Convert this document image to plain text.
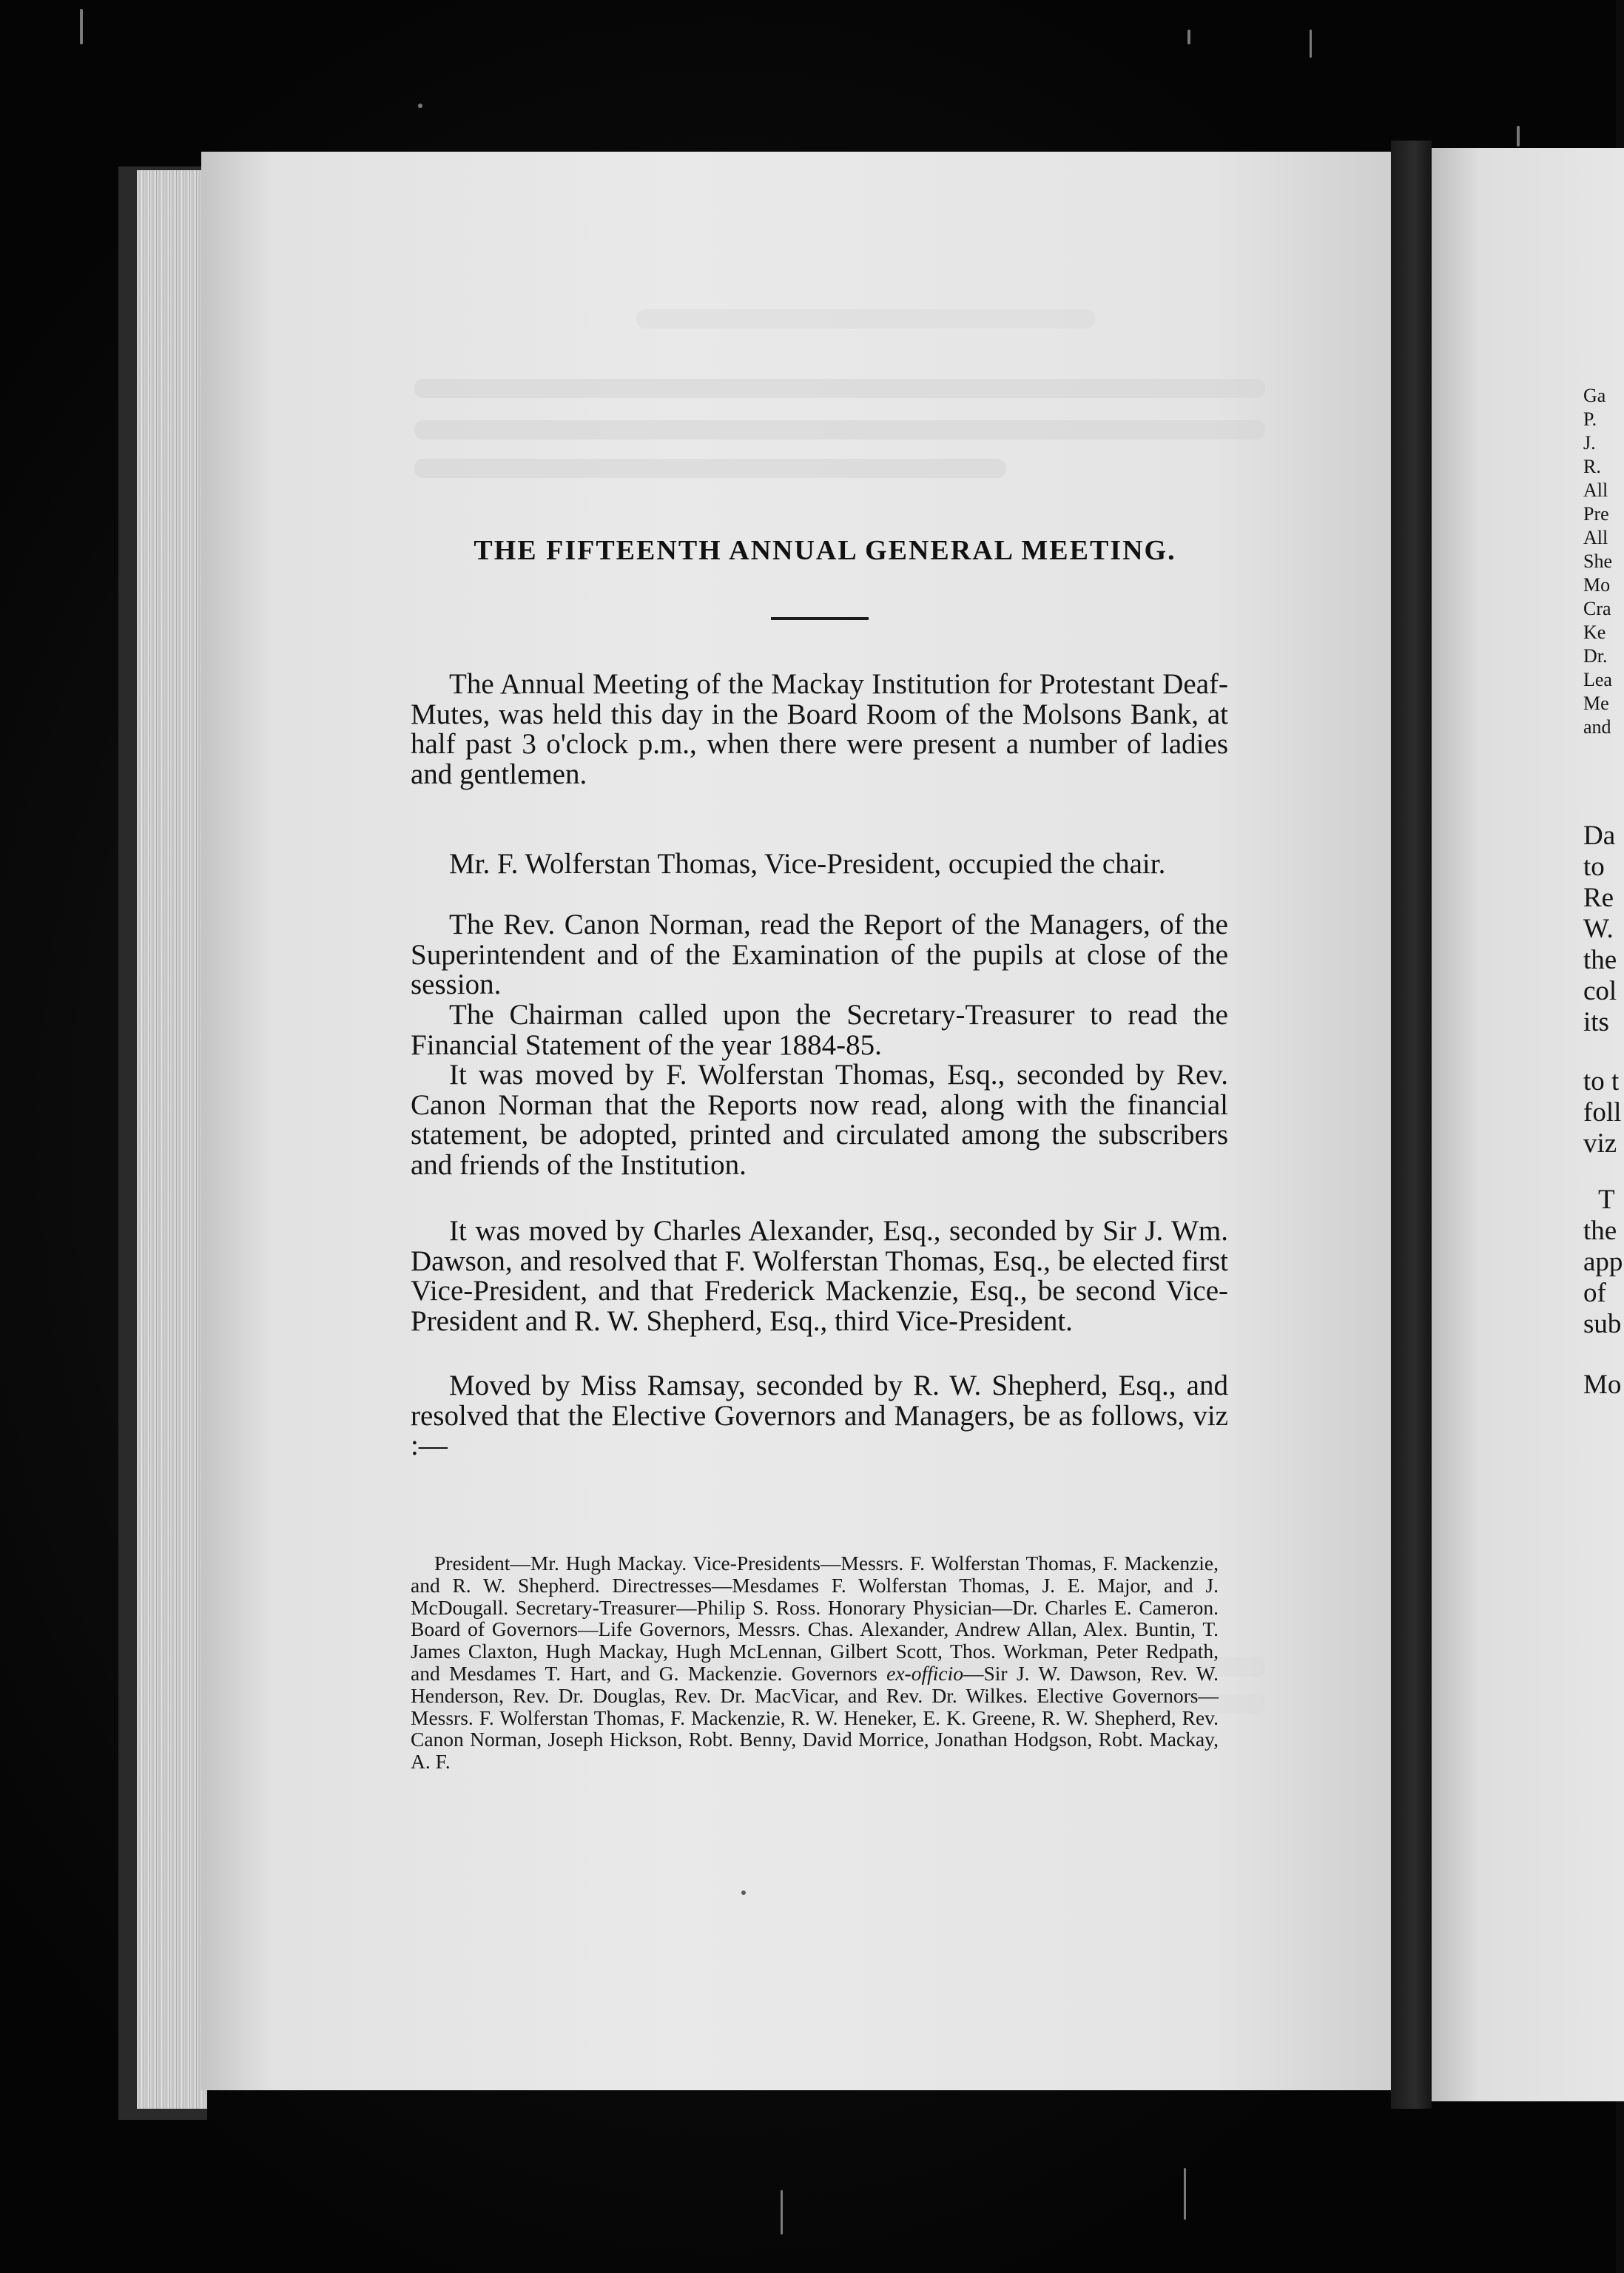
THE FIFTEENTH ANNUAL GENERAL MEETING.
The Annual Meeting of the Mackay Institution for Protestant Deaf-Mutes, was held this day in the Board Room of the Molsons Bank, at half past 3 o'clock p.m., when there were present a number of ladies and gentlemen.
Mr. F. Wolferstan Thomas, Vice-President, occupied the chair.
The Rev. Canon Norman, read the Report of the Managers, of the Superintendent and of the Examination of the pupils at close of the session.
The Chairman called upon the Secretary-Treasurer to read the Financial Statement of the year 1884-85.
It was moved by F. Wolferstan Thomas, Esq., seconded by Rev. Canon Norman that the Reports now read, along with the financial statement, be adopted, printed and circulated among the subscribers and friends of the Institution.
It was moved by Charles Alexander, Esq., seconded by Sir J. Wm. Dawson, and resolved that F. Wolferstan Thomas, Esq., be elected first Vice-President, and that Frederick Mackenzie, Esq., be second Vice-President and R. W. Shepherd, Esq., third Vice-President.
Moved by Miss Ramsay, seconded by R. W. Shepherd, Esq., and resolved that the Elective Governors and Managers, be as follows, viz :—
President—Mr. Hugh Mackay. Vice-Presidents—Messrs. F. Wolferstan Thomas, F. Mackenzie, and R. W. Shepherd. Directresses—Mesdames F. Wolferstan Thomas, J. E. Major, and J. McDougall. Secretary-Treasurer—Philip S. Ross. Honorary Physician—Dr. Charles E. Cameron. Board of Governors—Life Governors, Messrs. Chas. Alexander, Andrew Allan, Alex. Buntin, T. James Claxton, Hugh Mackay, Hugh McLennan, Gilbert Scott, Thos. Workman, Peter Redpath, and Mesdames T. Hart, and G. Mackenzie. Governors ex-officio—Sir J. W. Dawson, Rev. W. Henderson, Rev. Dr. Douglas, Rev. Dr. MacVicar, and Rev. Dr. Wilkes. Elective Governors—Messrs. F. Wolferstan Thomas, F. Mackenzie, R. W. Heneker, E. K. Greene, R. W. Shepherd, Rev. Canon Norman, Joseph Hickson, Robt. Benny, David Morrice, Jonathan Hodgson, Robt. Mackay, A. F.
Ga
P.
J.
R.
All
Pre
All
She
Mo
Cra
Ke
Dr.
Lea
Me
and
Da
to
Re
W.
the
col
its
to t
foll
viz
T
the
app
of
sub
Mo
